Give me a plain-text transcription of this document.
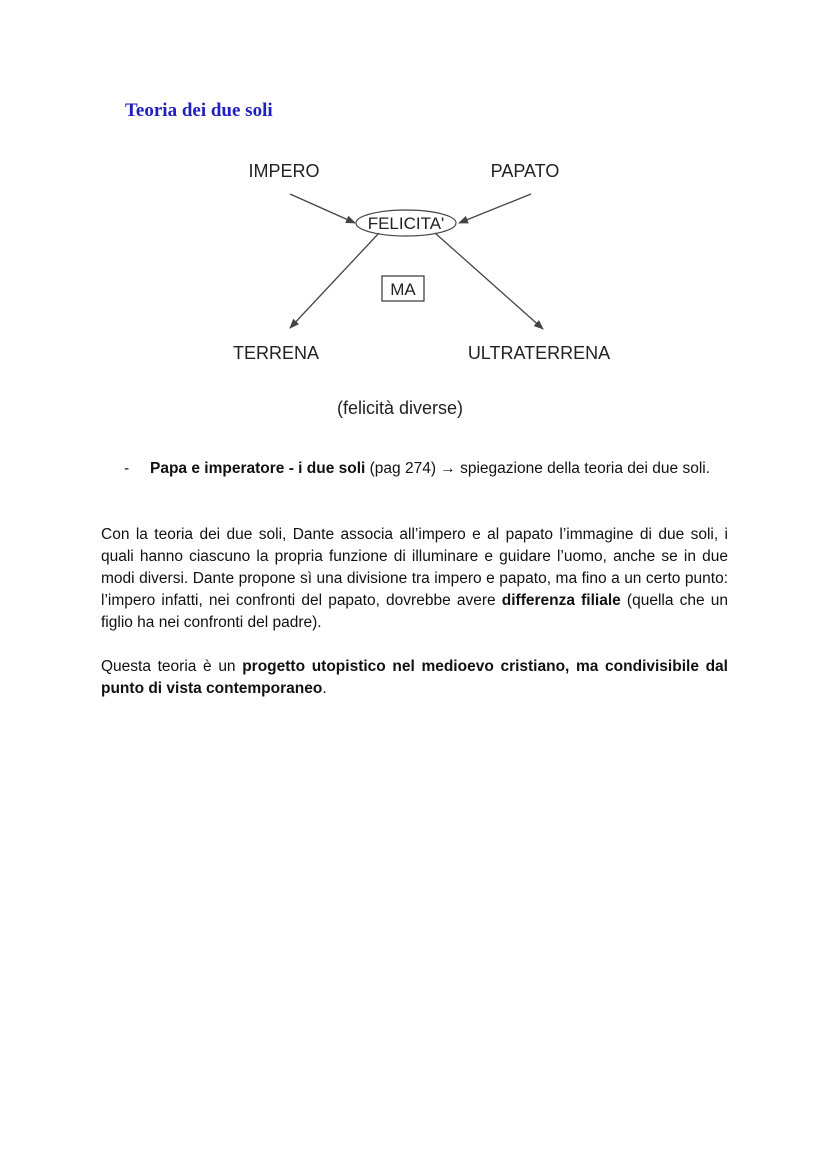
Teoria dei due soli
IMPERO	PAPATO
FELICITA'
MA
TERRENA	ULTRATERRENA
(felicità diverse)
- Papa e imperatore - i due soli (pag 274) → spiegazione della teoria dei due soli.

Con la teoria dei due soli, Dante associa all’impero e al papato l’immagine di due soli, i quali hanno ciascuno la propria funzione di illuminare e guidare l’uomo, anche se in due modi diversi. Dante propone sì una divisione tra impero e papato, ma fino a un certo punto: l’impero infatti, nei confronti del papato, dovrebbe avere differenza filiale (quella che un figlio ha nei confronti del padre).

Questa teoria è un progetto utopistico nel medioevo cristiano, ma condivisibile dal punto di vista contemporaneo.
